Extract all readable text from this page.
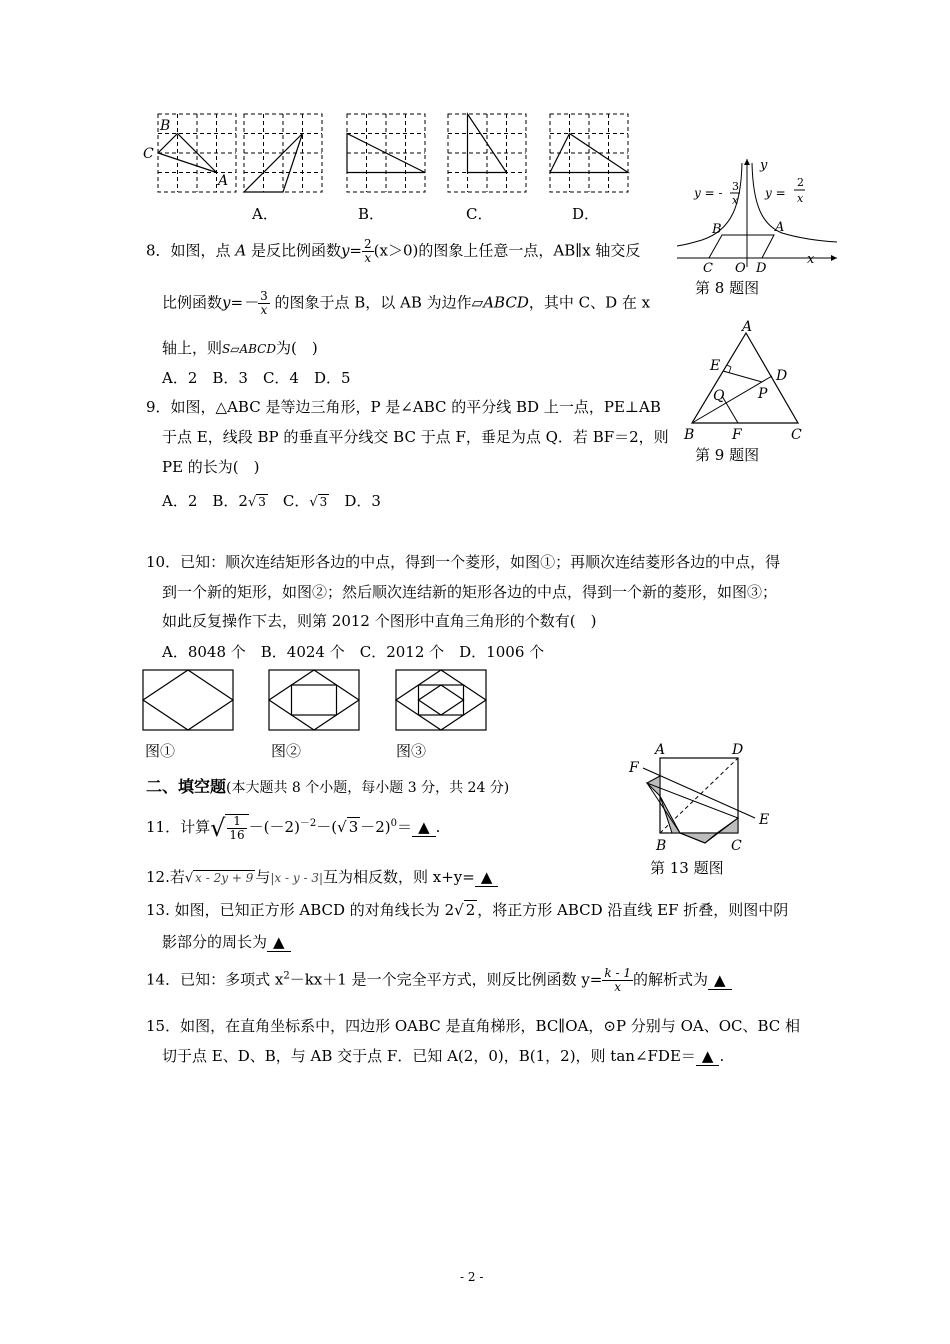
B
C
A
A．	B．	C．	D．
y
x
y = - 3
x
y =
2
x
A
B
C O D
第 8 题图
8．如图，点 A 是反比例函数$y= \frac{2}{x} (x>0)$的图象上任意一点，AB∥x 轴交反
比例函数$y=- \frac{3}{x}$ 的图象于点 B，以 AB 为边作▱ABCD，其中 C、D 在 x
轴上，则S▱ABCD为(　)
A．2　B．3　C．4　D．5
A
E
D
Q P
B	F	C
第 9 题图
9．如图，△ABC 是等边三角形，P 是∠ABC 的平分线 BD 上一点，PE⊥AB
于点 E，线段 BP 的垂直平分线交 BC 于点 F，垂足为点 Q．若 BF＝2，则
PE 的长为(　)
A．2　B．2√ 3　C．√ 3　D．3
10．已知：顺次连结矩形各边的中点，得到一个菱形，如图①；再顺次连结菱形各边的中点，得
到一个新的矩形，如图②；然后顺次连结新的矩形各边的中点，得到一个新的菱形，如图③；
如此反复操作下去，则第 2012 个图形中直角三角形的个数有(　)
A．8048 个　B．4024 个　C．2012 个　D．1006 个
图①	图②	图③
二、填空题(本大题共 8 个小题，每小题 3 分，共 24 分)
A	D
F
E
B	C
第 13 题图
11．计算√ $\frac{1}{16} -(-2)^{-2}-(√$ 3 －2)$^0$＝ ▲ .
12.若√ x - 2y + 9 与|x - y - 3|互为相反数，则 x+y= ▲
13. 如图，已知正方形 ABCD 的对角线长为 2√ 2 ，将正方形 ABCD 沿直线 EF 折叠，则图中阴
影部分的周长为 ▲
14．已知：多项式 $x^2-kx+1$ 是一个完全平方式，则反比例函数 $y= \frac{k - 1}{x}$ 的解析式为 ▲
15．如图，在直角坐标系中，四边形 OABC 是直角梯形，BC∥OA，⊙P 分别与 OA、OC、BC 相
切于点 E、D、B，与 AB 交于点 F．已知 A(2，0)，B(1，2)，则 tan∠FDE＝ ▲ .
- 2 -
